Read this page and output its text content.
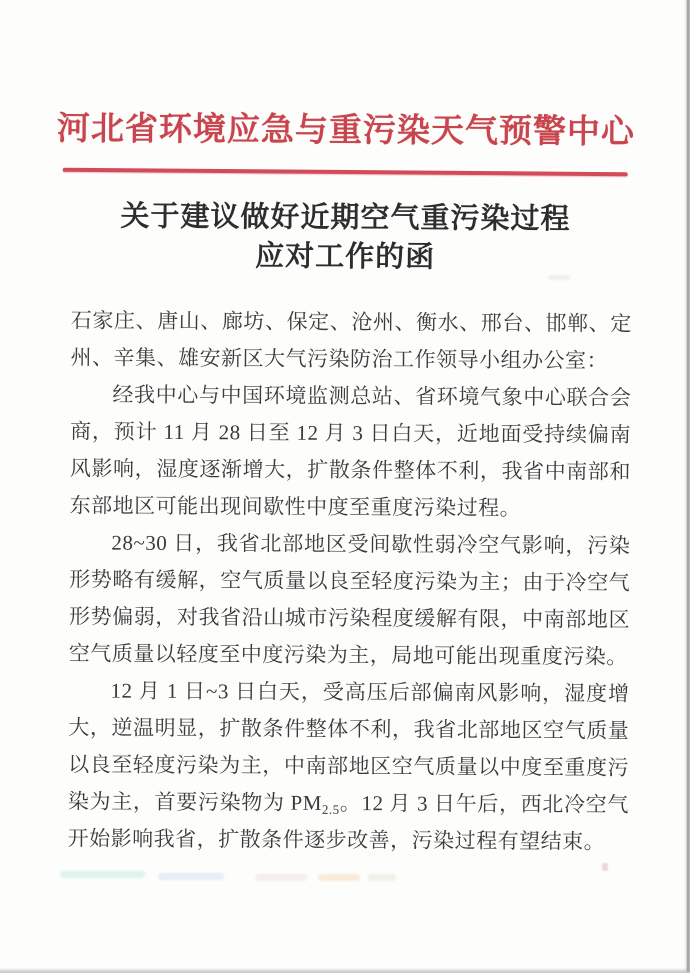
河北省环境应急与重污染天气预警中心
关于建议做好近期空气重污染过程
应对工作的函

石家庄、唐山、廊坊、保定、沧州、衡水、邢台、邯郸、定州、辛集、雄安新区大气污染防治工作领导小组办公室：

经我中心与中国环境监测总站、省环境气象中心联合会商，预计 11 月 28 日至 12 月 3 日白天，近地面受持续偏南风影响，湿度逐渐增大，扩散条件整体不利，我省中南部和东部地区可能出现间歇性中度至重度污染过程。

28~30 日，我省北部地区受间歇性弱冷空气影响，污染形势略有缓解，空气质量以良至轻度污染为主；由于冷空气形势偏弱，对我省沿山城市污染程度缓解有限，中南部地区空气质量以轻度至中度污染为主，局地可能出现重度污染。

12 月 1 日~3 日白天，受高压后部偏南风影响，湿度增大，逆温明显，扩散条件整体不利，我省北部地区空气质量以良至轻度污染为主，中南部地区空气质量以中度至重度污染为主，首要污染物为 PM2.5。12 月 3 日午后，西北冷空气开始影响我省，扩散条件逐步改善，污染过程有望结束。
